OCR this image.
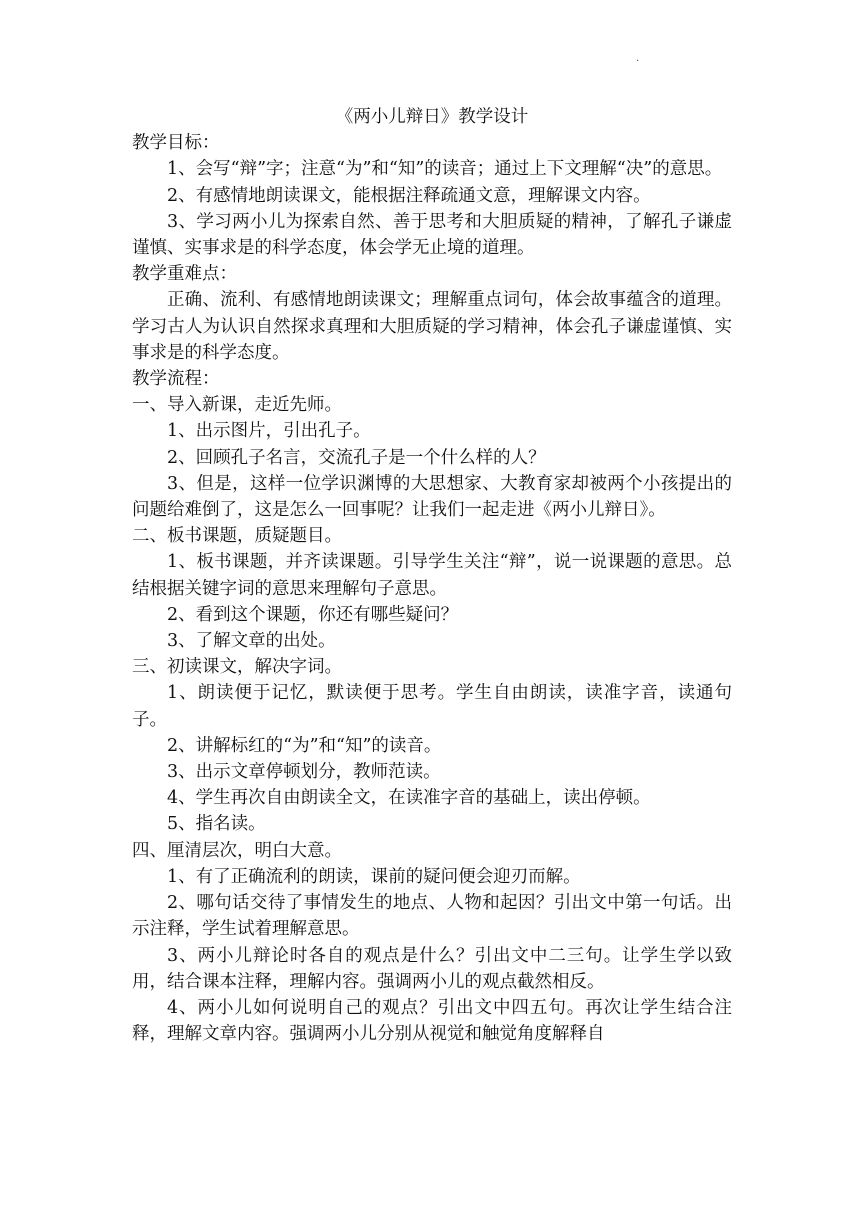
·

《两小儿辩日》教学设计

教学目标：

1、会写“辩”字；注意“为”和“知”的读音；通过上下文理解“决”的意思。

2、有感情地朗读课文，能根据注释疏通文意，理解课文内容。

3、学习两小儿为探索自然、善于思考和大胆质疑的精神，了解孔子谦虚谨慎、实事求是的科学态度，体会学无止境的道理。

教学重难点：

正确、流利、有感情地朗读课文；理解重点词句，体会故事蕴含的道理。学习古人为认识自然探求真理和大胆质疑的学习精神，体会孔子谦虚谨慎、实事求是的科学态度。

教学流程：

一、导入新课，走近先师。

1、出示图片，引出孔子。

2、回顾孔子名言，交流孔子是一个什么样的人？

3、但是，这样一位学识渊博的大思想家、大教育家却被两个小孩提出的问题给难倒了，这是怎么一回事呢？让我们一起走进《两小儿辩日》。

二、板书课题，质疑题目。

1、板书课题，并齐读课题。引导学生关注“辩”，说一说课题的意思。总结根据关键字词的意思来理解句子意思。

2、看到这个课题，你还有哪些疑问？

3、了解文章的出处。

三、初读课文，解决字词。

1、朗读便于记忆，默读便于思考。学生自由朗读，读准字音，读通句子。

2、讲解标红的“为”和“知”的读音。

3、出示文章停顿划分，教师范读。

4、学生再次自由朗读全文，在读准字音的基础上，读出停顿。

5、指名读。

四、厘清层次，明白大意。

1、有了正确流利的朗读，课前的疑问便会迎刃而解。

2、哪句话交待了事情发生的地点、人物和起因？引出文中第一句话。出示注释，学生试着理解意思。

3、两小儿辩论时各自的观点是什么？引出文中二三句。让学生学以致用，结合课本注释，理解内容。强调两小儿的观点截然相反。

4、两小儿如何说明自己的观点？引出文中四五句。再次让学生结合注释，理解文章内容。强调两小儿分别从视觉和触觉角度解释自
